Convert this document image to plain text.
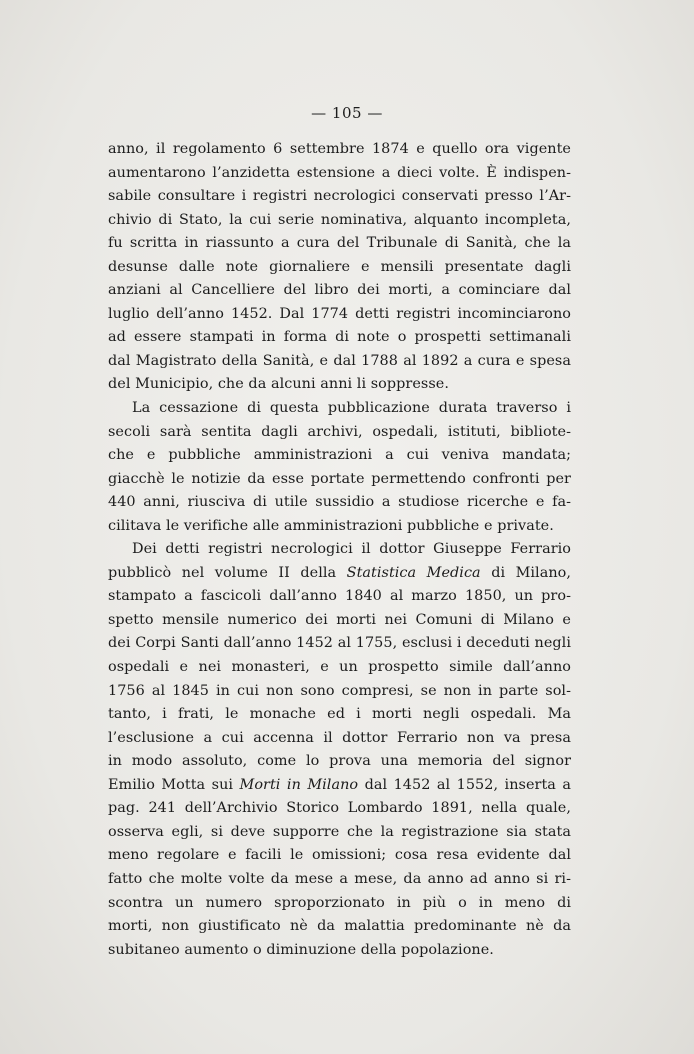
— 105 —
anno, il regolamento 6 settembre 1874 e quello ora vigente
aumentarono l’anzidetta estensione a dieci volte. È indispen-
sabile consultare i registri necrologici conservati presso l’Ar-
chivio di Stato, la cui serie nominativa, alquanto incompleta,
fu scritta in riassunto a cura del Tribunale di Sanità, che la
desunse dalle note giornaliere e mensili presentate dagli
anziani al Cancelliere del libro dei morti, a cominciare dal
luglio dell’anno 1452. Dal 1774 detti registri incominciarono
ad essere stampati in forma di note o prospetti settimanali
dal Magistrato della Sanità, e dal 1788 al 1892 a cura e spesa
del Municipio, che da alcuni anni li soppresse.
La cessazione di questa pubblicazione durata traverso i
secoli sarà sentita dagli archivi, ospedali, istituti, bibliote-
che e pubbliche amministrazioni a cui veniva mandata;
giacchè le notizie da esse portate permettendo confronti per
440 anni, riusciva di utile sussidio a studiose ricerche e fa-
cilitava le verifiche alle amministrazioni pubbliche e private.
Dei detti registri necrologici il dottor Giuseppe Ferrario
pubblicò nel volume II della Statistica Medica di Milano,
stampato a fascicoli dall’anno 1840 al marzo 1850, un pro-
spetto mensile numerico dei morti nei Comuni di Milano e
dei Corpi Santi dall’anno 1452 al 1755, esclusi i deceduti negli
ospedali e nei monasteri, e un prospetto simile dall’anno
1756 al 1845 in cui non sono compresi, se non in parte sol-
tanto, i frati, le monache ed i morti negli ospedali. Ma
l’esclusione a cui accenna il dottor Ferrario non va presa
in modo assoluto, come lo prova una memoria del signor
Emilio Motta sui Morti in Milano dal 1452 al 1552, inserta a
pag. 241 dell’Archivio Storico Lombardo 1891, nella quale,
osserva egli, si deve supporre che la registrazione sia stata
meno regolare e facili le omissioni; cosa resa evidente dal
fatto che molte volte da mese a mese, da anno ad anno si ri-
scontra un numero sproporzionato in più o in meno di
morti, non giustificato nè da malattia predominante nè da
subitaneo aumento o diminuzione della popolazione.
